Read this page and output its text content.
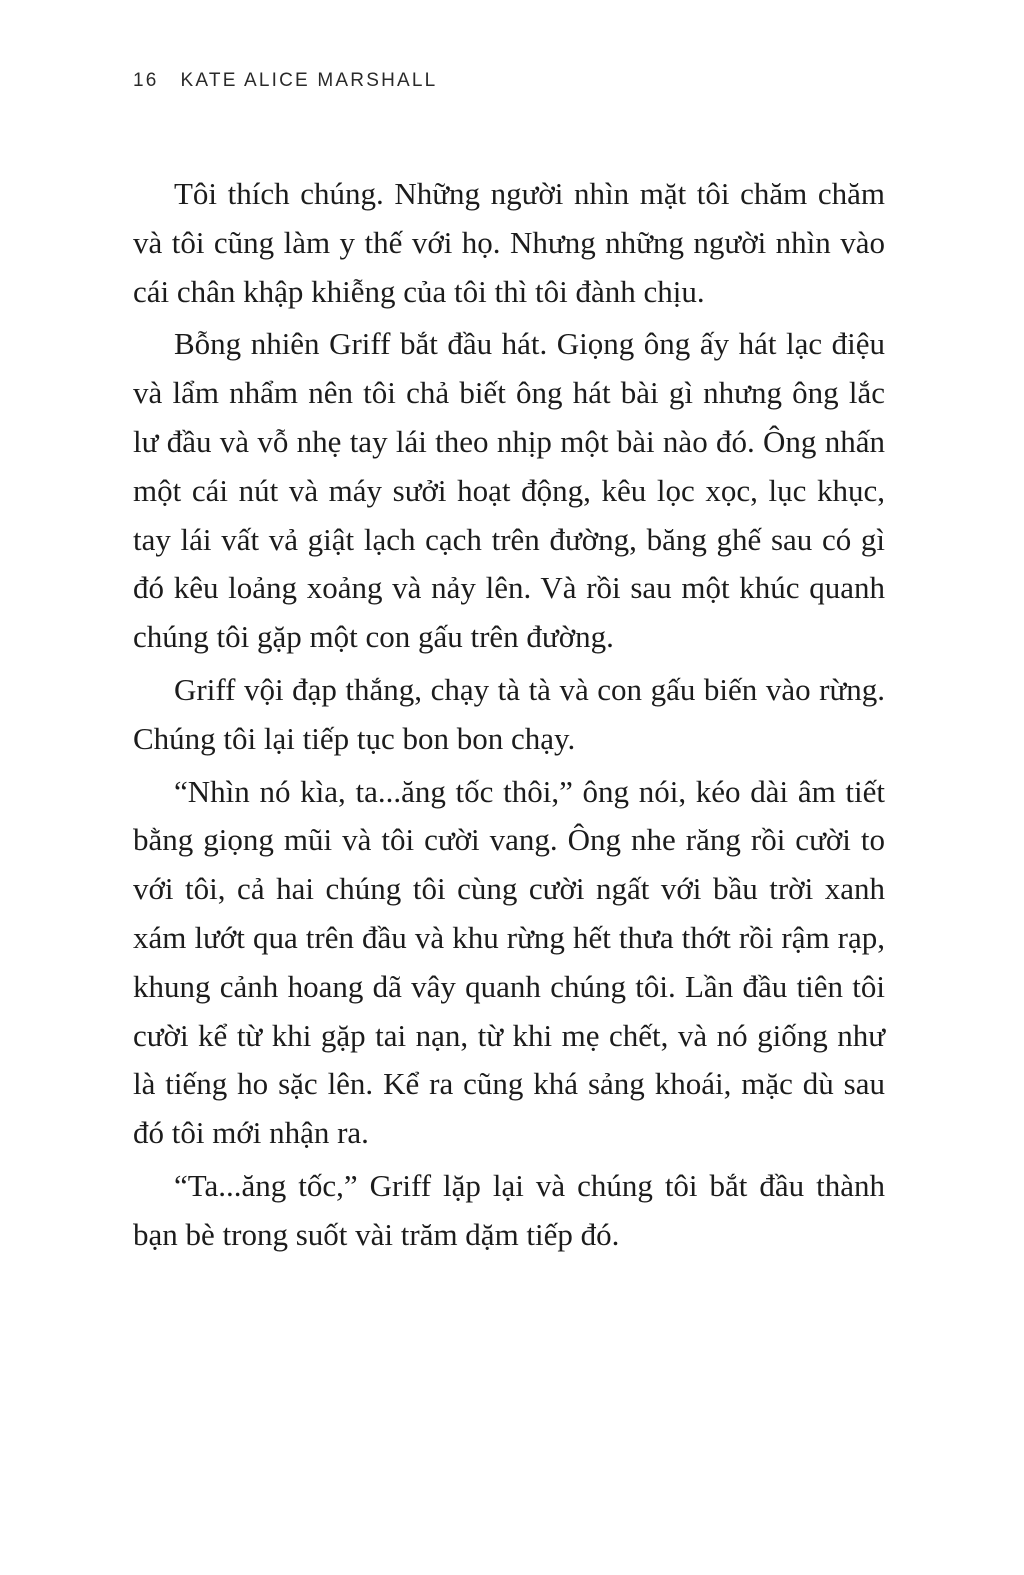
16 KATE ALICE MARSHALL

Tôi thích chúng. Những người nhìn mặt tôi chăm chăm và tôi cũng làm y thế với họ. Nhưng những người nhìn vào cái chân khập khiễng của tôi thì tôi đành chịu.

Bỗng nhiên Griff bắt đầu hát. Giọng ông ấy hát lạc điệu và lẩm nhẩm nên tôi chả biết ông hát bài gì nhưng ông lắc lư đầu và vỗ nhẹ tay lái theo nhịp một bài nào đó. Ông nhấn một cái nút và máy sưởi hoạt động, kêu lọc xọc, lục khục, tay lái vất vả giật lạch cạch trên đường, băng ghế sau có gì đó kêu loảng xoảng và nảy lên. Và rồi sau một khúc quanh chúng tôi gặp một con gấu trên đường.

Griff vội đạp thắng, chạy tà tà và con gấu biến vào rừng. Chúng tôi lại tiếp tục bon bon chạy.

“Nhìn nó kìa, ta...ăng tốc thôi,” ông nói, kéo dài âm tiết bằng giọng mũi và tôi cười vang. Ông nhe răng rồi cười to với tôi, cả hai chúng tôi cùng cười ngất với bầu trời xanh xám lướt qua trên đầu và khu rừng hết thưa thớt rồi rậm rạp, khung cảnh hoang dã vây quanh chúng tôi. Lần đầu tiên tôi cười kể từ khi gặp tai nạn, từ khi mẹ chết, và nó giống như là tiếng ho sặc lên. Kể ra cũng khá sảng khoái, mặc dù sau đó tôi mới nhận ra.

“Ta...ăng tốc,” Griff lặp lại và chúng tôi bắt đầu thành bạn bè trong suốt vài trăm dặm tiếp đó.
